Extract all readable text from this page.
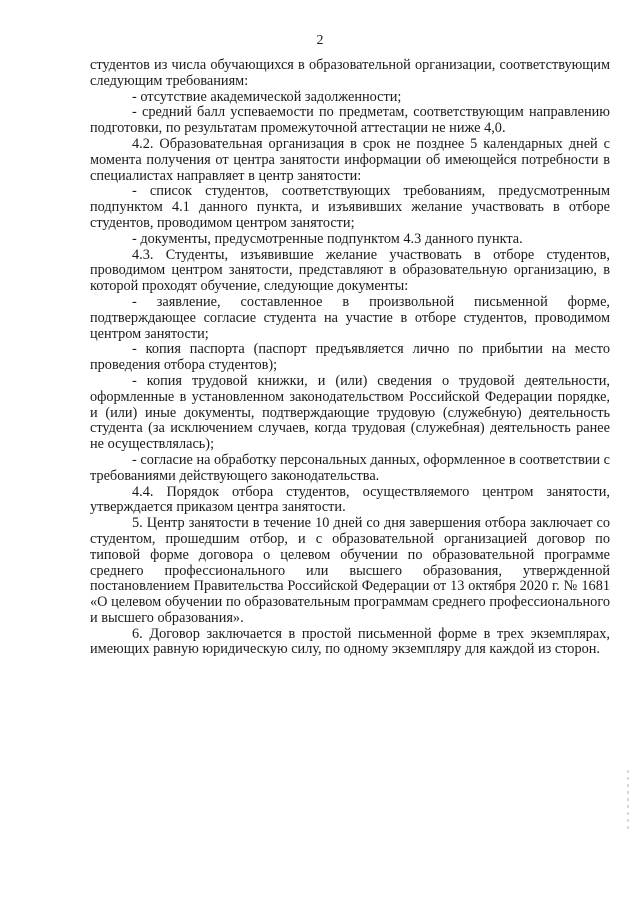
2

студентов из числа обучающихся в образовательной организации, соответствующим следующим требованиям:

- отсутствие академической задолженности;

- средний балл успеваемости по предметам, соответствующим направлению подготовки, по результатам промежуточной аттестации не ниже 4,0.

4.2. Образовательная организация в срок не позднее 5 календарных дней с момента получения от центра занятости информации об имеющейся потребности в специалистах направляет в центр занятости:

- список студентов, соответствующих требованиям, предусмотренным подпунктом 4.1 данного пункта, и изъявивших желание участвовать в отборе студентов, проводимом центром занятости;

- документы, предусмотренные подпунктом 4.3 данного пункта.

4.3. Студенты, изъявившие желание участвовать в отборе студентов, проводимом центром занятости, представляют в образовательную организацию, в которой проходят обучение, следующие документы:

- заявление, составленное в произвольной письменной форме, подтверждающее согласие студента на участие в отборе студентов, проводимом центром занятости;

- копия паспорта (паспорт предъявляется лично по прибытии на место проведения отбора студентов);

- копия трудовой книжки, и (или) сведения о трудовой деятельности, оформленные в установленном законодательством Российской Федерации порядке, и (или) иные документы, подтверждающие трудовую (служебную) деятельность студента (за исключением случаев, когда трудовая (служебная) деятельность ранее не осуществлялась);

- согласие на обработку персональных данных, оформленное в соответствии с требованиями действующего законодательства.

4.4. Порядок отбора студентов, осуществляемого центром занятости, утверждается приказом центра занятости.

5. Центр занятости в течение 10 дней со дня завершения отбора заключает со студентом, прошедшим отбор, и с образовательной организацией договор по типовой форме договора о целевом обучении по образовательной программе среднего профессионального или высшего образования, утвержденной постановлением Правительства Российской Федерации от 13 октября 2020 г. № 1681 «О целевом обучении по образовательным программам среднего профессионального и высшего образования».

6. Договор заключается в простой письменной форме в трех экземплярах, имеющих равную юридическую силу, по одному экземпляру для каждой из сторон.
